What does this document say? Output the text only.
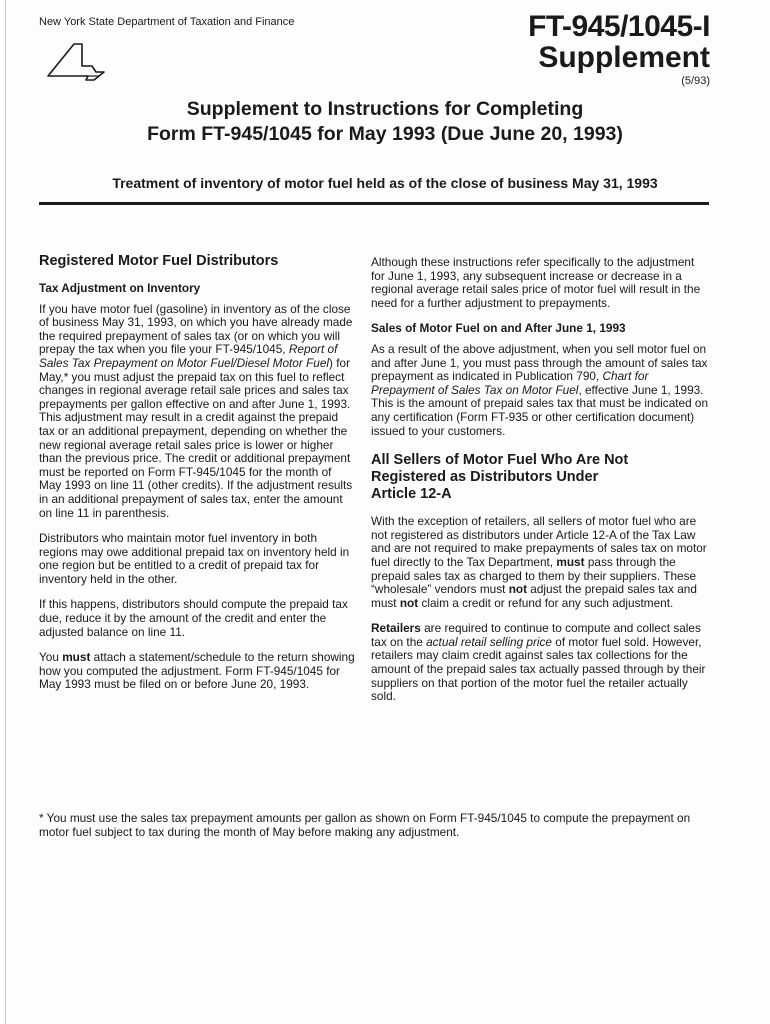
New York State Department of Taxation and Finance	FT-945/1045-I
Supplement
(5/93)
Supplement to Instructions for Completing
Form FT-945/1045 for May 1993 (Due June 20, 1993)
Treatment of inventory of motor fuel held as of the close of business May 31, 1993
Registered Motor Fuel Distributors
Tax Adjustment on Inventory

If you have motor fuel (gasoline) in inventory as of the close of business May 31, 1993, on which you have already made the required prepayment of sales tax (or on which you will prepay the tax when you file your FT-945/1045, Report of Sales Tax Prepayment on Motor Fuel/Diesel Motor Fuel) for May,* you must adjust the prepaid tax on this fuel to reflect changes in regional average retail sale prices and sales tax prepayments per gallon effective on and after June 1, 1993. This adjustment may result in a credit against the prepaid tax or an additional prepayment, depending on whether the new regional average retail sales price is lower or higher than the previous price. The credit or additional prepayment must be reported on Form FT-945/1045 for the month of May 1993 on line 11 (other credits). If the adjustment results in an additional prepayment of sales tax, enter the amount on line 11 in parenthesis.

Distributors who maintain motor fuel inventory in both regions may owe additional prepaid tax on inventory held in one region but be entitled to a credit of prepaid tax for inventory held in the other.

If this happens, distributors should compute the prepaid tax due, reduce it by the amount of the credit and enter the adjusted balance on line 11.

You must attach a statement/schedule to the return showing how you computed the adjustment. Form FT-945/1045 for May 1993 must be filed on or before June 20, 1993.

Although these instructions refer specifically to the adjustment for June 1, 1993, any subsequent increase or decrease in a regional average retail sales price of motor fuel will result in the need for a further adjustment to prepayments.

Sales of Motor Fuel on and After June 1, 1993

As a result of the above adjustment, when you sell motor fuel on and after June 1, you must pass through the amount of sales tax prepayment as indicated in Publication 790, Chart for Prepayment of Sales Tax on Motor Fuel, effective June 1, 1993. This is the amount of prepaid sales tax that must be indicated on any certification (Form FT-935 or other certification document) issued to your customers.

All Sellers of Motor Fuel Who Are Not
Registered as Distributors Under
Article 12-A

With the exception of retailers, all sellers of motor fuel who are not registered as distributors under Article 12-A of the Tax Law and are not required to make prepayments of sales tax on motor fuel directly to the Tax Department, must pass through the prepaid sales tax as charged to them by their suppliers. These “wholesale” vendors must not adjust the prepaid sales tax and must not claim a credit or refund for any such adjustment.

Retailers are required to continue to compute and collect sales tax on the actual retail selling price of motor fuel sold. However, retailers may claim credit against sales tax collections for the amount of the prepaid sales tax actually passed through by their suppliers on that portion of the motor fuel the retailer actually sold.

* You must use the sales tax prepayment amounts per gallon as shown on Form FT-945/1045 to compute the prepayment on motor fuel subject to tax during the month of May before making any adjustment.
